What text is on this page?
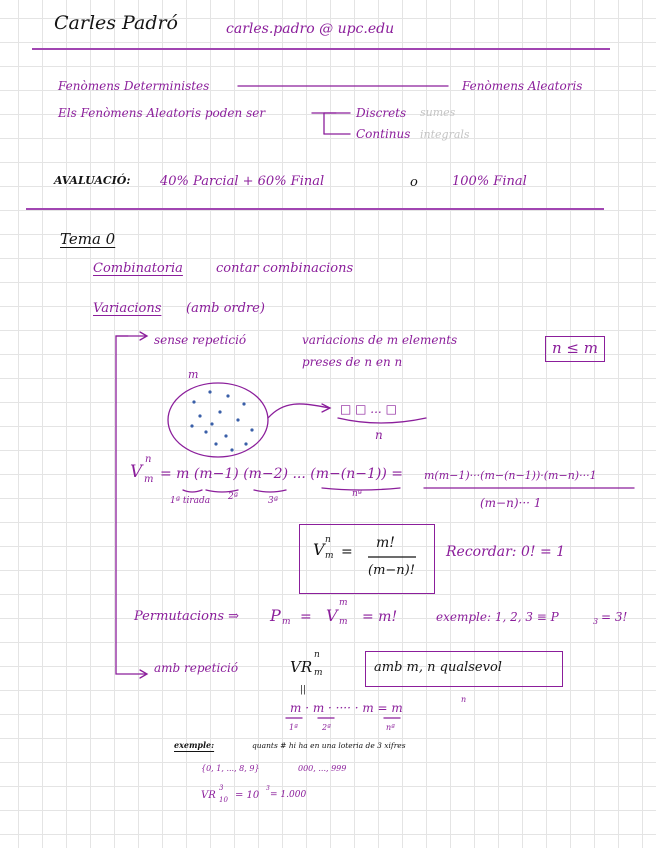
Carles Padró	carles.padro @ upc.edu
Fenòmens Deterministes	Fenòmens Aleatoris
Els Fenòmens Aleatoris poden ser	Discrets sumes
Continus integrals
AVALUACIÓ: 40% Parcial + 60% Final	o	100% Final
Tema 0
Combinatoria	contar combinacions
Variacions (amb ordre)
sense repetició	variacions de m elements
preses de n en n
n ≤ m
m
□ □ ... □
n
V
n
m = m (m−1) (m−2) ... (m−(n−1)) =
1ª tirada 2ª	3ª
nª
m(m−1)···(m−(n−1))·(m−n)···1
(m−n)··· 1
V n
m =
m!
(m−n)!
Recordar: 0! = 1
Permutacions ⇒ P m = V
m
m = m!	exemple: 1, 2, 3 ≡ P	3 = 3!
amb repetició	VR
n
m	amb m, n qualsevol
||
m · m · ···· · m = m
n
1ª	2ª	nª
exemple:	quants # hi ha en una loteria de 3 xifres
{0, 1, ..., 8, 9}	000, ..., 999
VR
3
10 = 10
3
= 1.000
